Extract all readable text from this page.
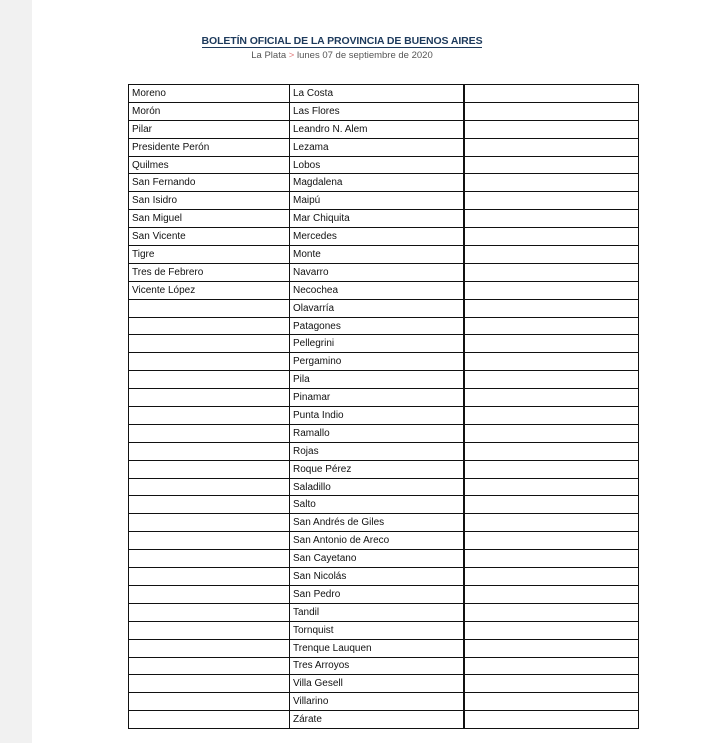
BOLETÍN OFICIAL DE LA PROVINCIA DE BUENOS AIRES
La Plata > lunes 07 de septiembre de 2020
Moreno	La Costa	
Morón	Las Flores	
Pilar	Leandro N. Alem	
Presidente Perón	Lezama	
Quilmes	Lobos	
San Fernando	Magdalena	
San Isidro	Maipú	
San Miguel	Mar Chiquita	
San Vicente	Mercedes	
Tigre	Monte	
Tres de Febrero	Navarro	
Vicente López	Necochea	
	Olavarría	
	Patagones	
	Pellegrini	
	Pergamino	
	Pila	
	Pinamar	
	Punta Indio	
	Ramallo	
	Rojas	
	Roque Pérez	
	Saladillo	
	Salto	
	San Andrés de Giles	
	San Antonio de Areco	
	San Cayetano	
	San Nicolás	
	San Pedro	
	Tandil	
	Tornquist	
	Trenque Lauquen	
	Tres Arroyos	
	Villa Gesell	
	Villarino	
	Zárate	
